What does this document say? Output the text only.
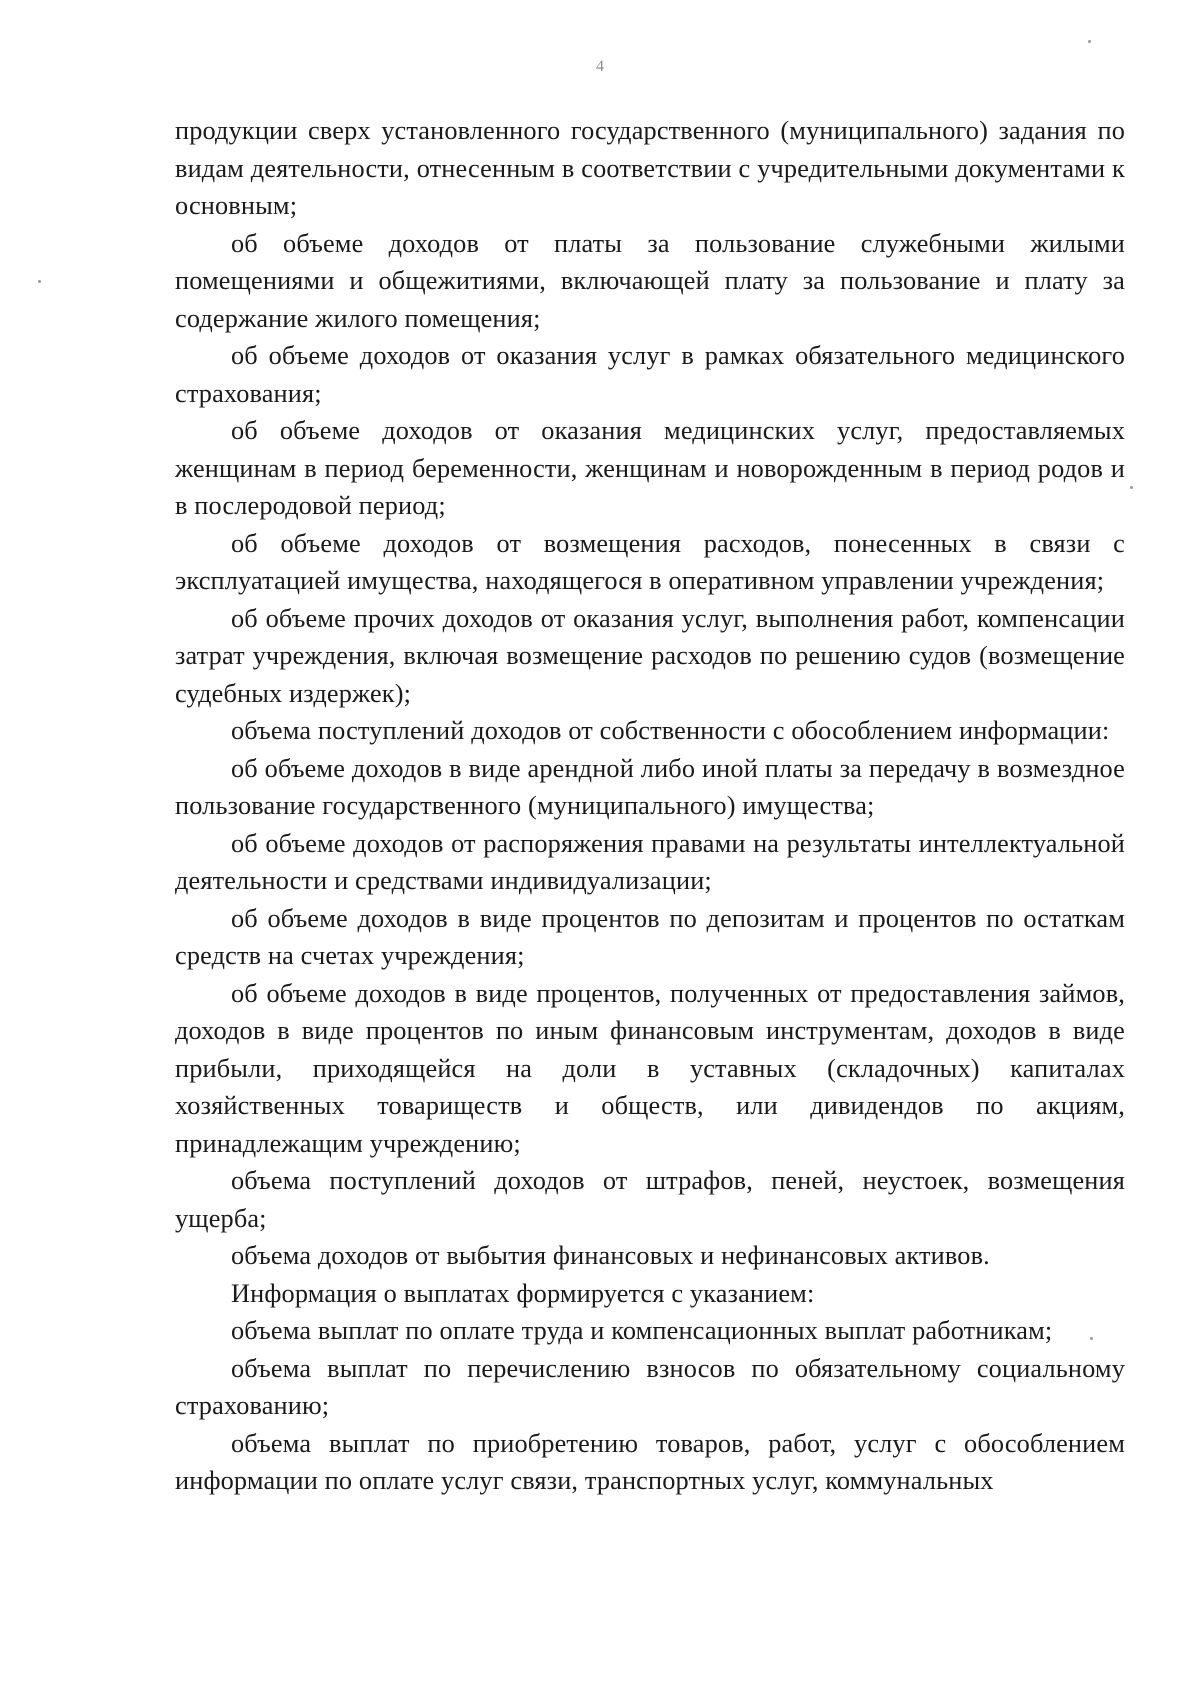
4

продукции сверх установленного государственного (муниципального) задания по видам деятельности, отнесенным в соответствии с учредительными документами к основным;

об объеме доходов от платы за пользование служебными жилыми помещениями и общежитиями, включающей плату за пользование и плату за содержание жилого помещения;

об объеме доходов от оказания услуг в рамках обязательного медицинского страхования;

об объеме доходов от оказания медицинских услуг, предоставляемых женщинам в период беременности, женщинам и новорожденным в период родов и в послеродовой период;

об объеме доходов от возмещения расходов, понесенных в связи с эксплуатацией имущества, находящегося в оперативном управлении учреждения;

об объеме прочих доходов от оказания услуг, выполнения работ, компенсации затрат учреждения, включая возмещение расходов по решению судов (возмещение судебных издержек);

объема поступлений доходов от собственности с обособлением информации:

об объеме доходов в виде арендной либо иной платы за передачу в возмездное пользование государственного (муниципального) имущества;

об объеме доходов от распоряжения правами на результаты интеллектуальной деятельности и средствами индивидуализации;

об объеме доходов в виде процентов по депозитам и процентов по остаткам средств на счетах учреждения;

об объеме доходов в виде процентов, полученных от предоставления займов, доходов в виде процентов по иным финансовым инструментам, доходов в виде прибыли, приходящейся на доли в уставных (складочных) капиталах хозяйственных товариществ и обществ, или дивидендов по акциям, принадлежащим учреждению;

объема поступлений доходов от штрафов, пеней, неустоек, возмещения ущерба;

объема доходов от выбытия финансовых и нефинансовых активов.

Информация о выплатах формируется с указанием:

объема выплат по оплате труда и компенсационных выплат работникам;

объема выплат по перечислению взносов по обязательному социальному страхованию;

объема выплат по приобретению товаров, работ, услуг с обособлением информации по оплате услуг связи, транспортных услуг, коммунальных
